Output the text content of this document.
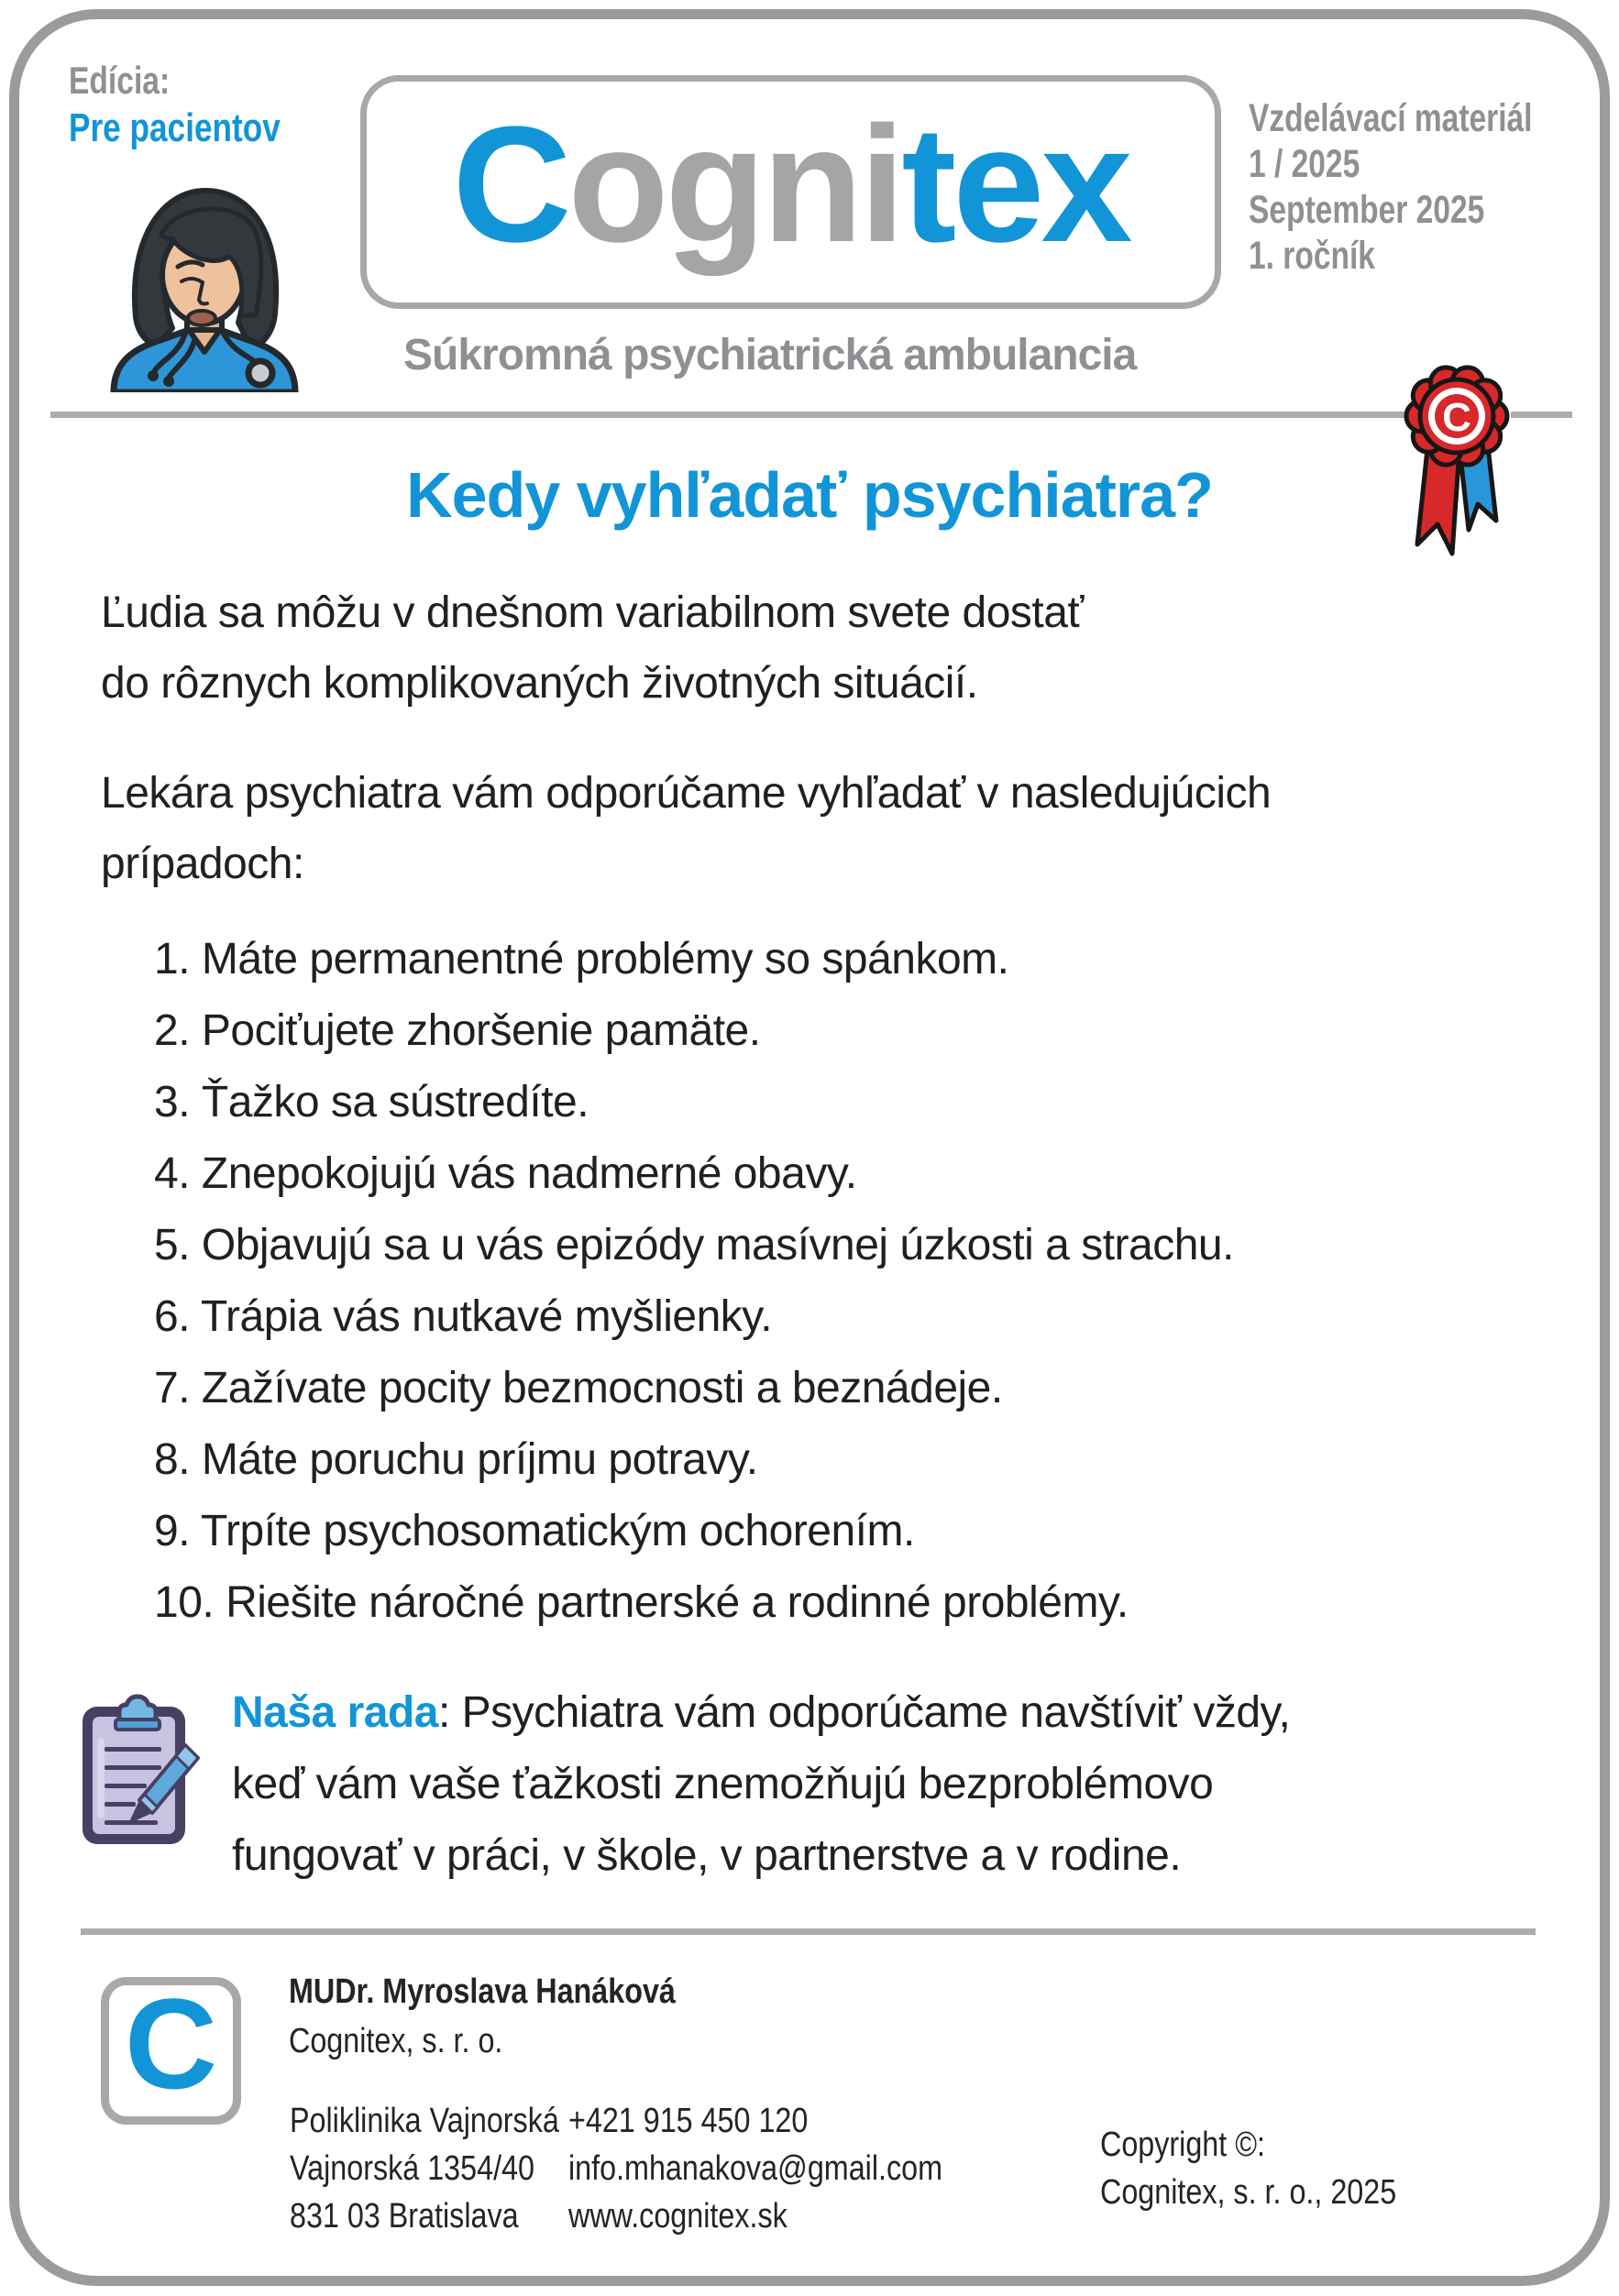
Edícia:
Pre pacientov Cognitex	Vzdelávací materiál
1 / 2025
September 2025
1. ročník
Súkromná psychiatrická ambulancia
C
Kedy vyhľadať psychiatra?
Ľudia sa môžu v dnešnom variabilnom svete dostať
do rôznych komplikovaných životných situácií.
Lekára psychiatra vám odporúčame vyhľadať v nasledujúcich
prípadoch:
1. Máte permanentné problémy so spánkom.
2. Pociťujete zhoršenie pamäte.
3. Ťažko sa sústredíte.
4. Znepokojujú vás nadmerné obavy.
5. Objavujú sa u vás epizódy masívnej úzkosti a strachu.
6. Trápia vás nutkavé myšlienky.
7. Zažívate pocity bezmocnosti a beznádeje.
8. Máte poruchu príjmu potravy.
9. Trpíte psychosomatickým ochorením.
10. Riešite náročné partnerské a rodinné problémy.
Naša rada: Psychiatra vám odporúčame navštíviť vždy,
keď vám vaše ťažkosti znemožňujú bezproblémovo
fungovať v práci, v škole, v partnerstve a v rodine.
C MUDr. Myroslava Hanáková
Cognitex, s. r. o.
Poliklinika Vajnorská
Vajnorská 1354/40
831 03 Bratislava
+421 915 450 120
info.mhanakova@gmail.com
www.cognitex.sk
Copyright ©:
Cognitex, s. r. o., 2025
